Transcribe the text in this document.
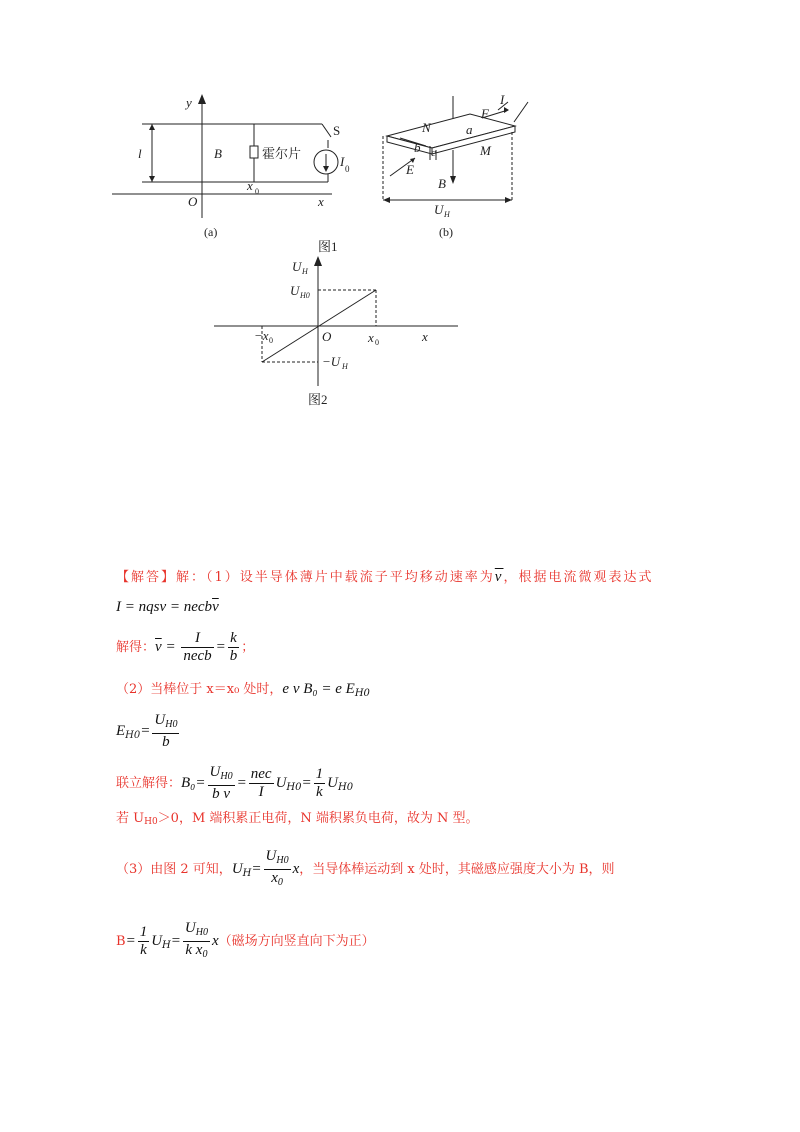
y
x
O
l	B	霍尔片
x 0
S
I 0
(a)
I
F
N	a
b c	M
E
B
U H
(b)
图1
U H
U H0
O	x 0
−x 0	x
−U H
图2
【解答】解：（1）设半导体薄片中载流子平均移动速率为$\overline{v}$，根据电流微观表达式
I = nqsv = $necb\overline{v}$
解得：$\overline{v} = \frac{I}{\text{necb}} = \frac{k}{b}$ ；
（2）当棒位于 x＝x₀ 处时，e v B₀ = e $E_{H0}$
$E_{H0}= \frac{U_{H0}}{b}$
联立解得：$B_0= \frac{U_{H0}}{b \overline{v}} = \frac{\text{nec}}{I} U_{H0}= \frac{1}{k} U_{H0}$
若 UH0＞0，M 端积累正电荷，N 端积累负电荷，故为 N 型。
（3）由图 2 可知，$U_H= \frac{U_{H0}}{x_0}$ x，当导体棒运动到 x 处时，其磁感应强度大小为 B，则
$B= \frac{1}{k} U_H= \frac{U_{H0}}{k x_0} x$（磁场方向竖直向下为正）
